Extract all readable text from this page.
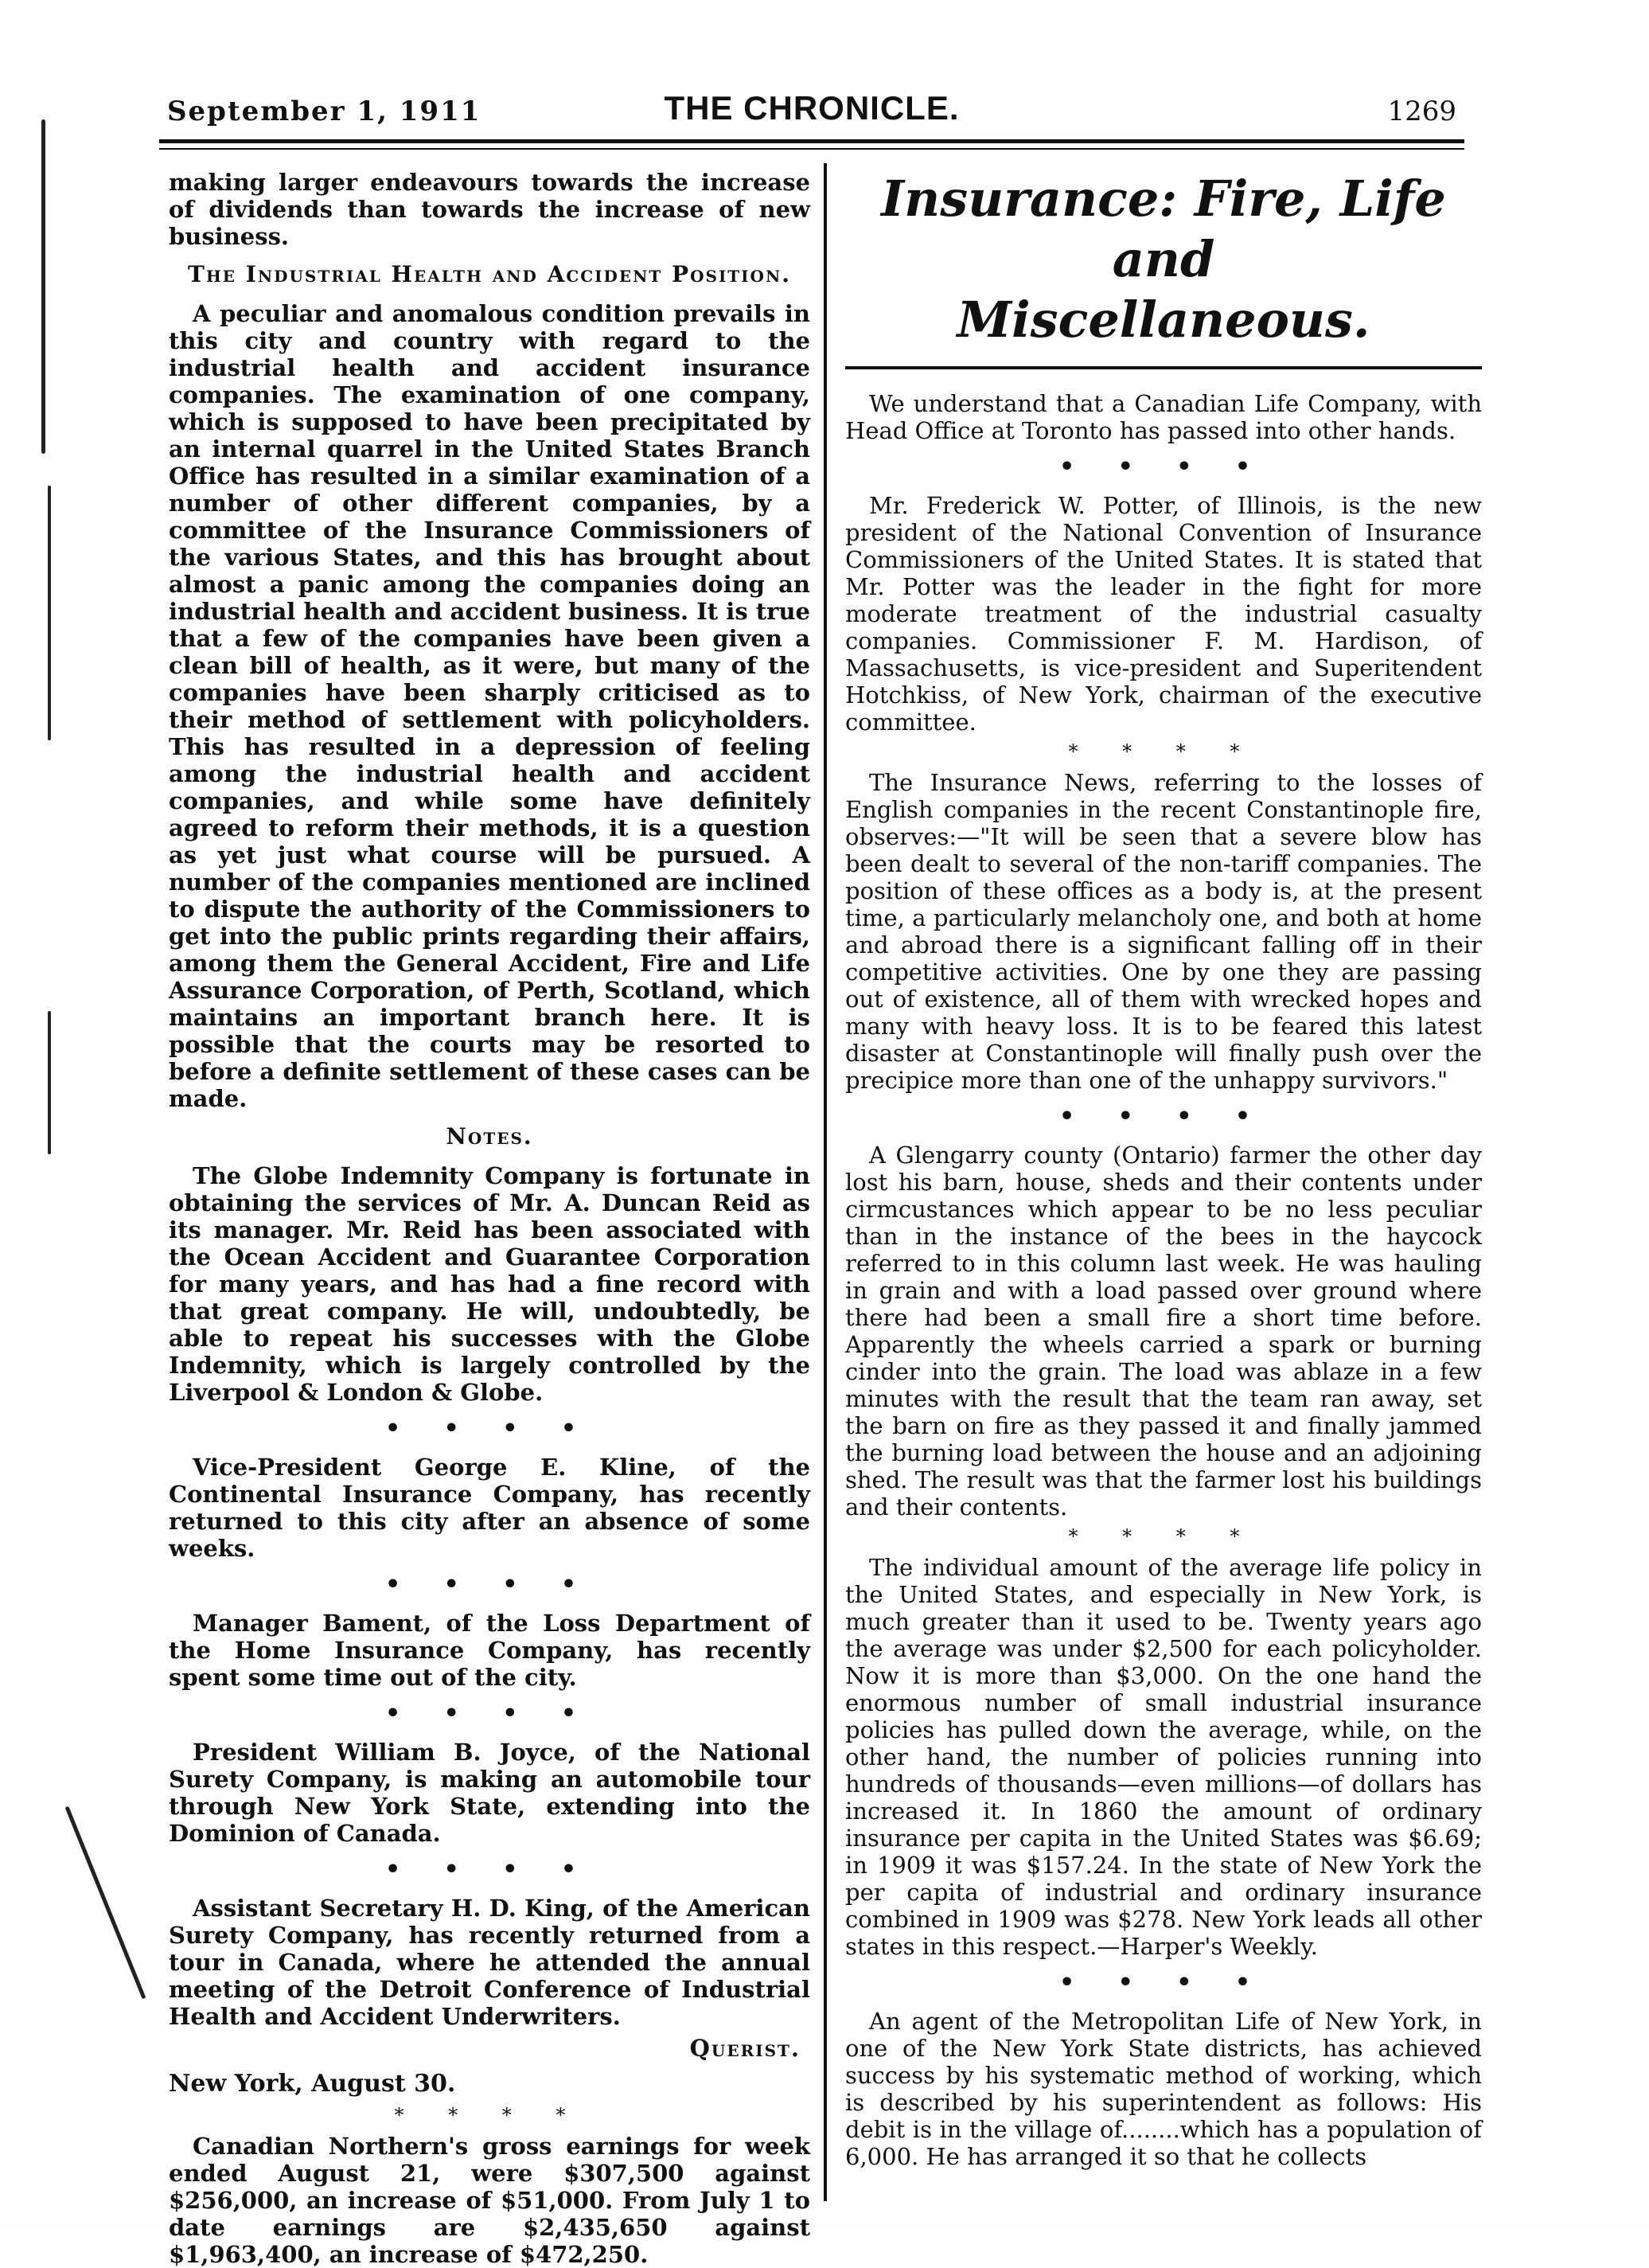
September 1, 1911	THE CHRONICLE.	1269

making larger endeavours towards the increase of dividends than towards the increase of new business.

The Industrial Health and Accident Position.

A peculiar and anomalous condition prevails in this city and country with regard to the industrial health and accident insurance companies. The examination of one company, which is supposed to have been precipitated by an internal quarrel in the United States Branch Office has resulted in a similar examination of a number of other different companies, by a committee of the Insurance Commissioners of the various States, and this has brought about almost a panic among the companies doing an industrial health and accident business. It is true that a few of the companies have been given a clean bill of health, as it were, but many of the companies have been sharply criticised as to their method of settlement with policyholders. This has resulted in a depression of feeling among the industrial health and accident companies, and while some have definitely agreed to reform their methods, it is a question as yet just what course will be pursued. A number of the companies mentioned are inclined to dispute the authority of the Commissioners to get into the public prints regarding their affairs, among them the General Accident, Fire and Life Assurance Corporation, of Perth, Scotland, which maintains an important branch here. It is possible that the courts may be resorted to before a definite settlement of these cases can be made.

Notes.

The Globe Indemnity Company is fortunate in obtaining the services of Mr. A. Duncan Reid as its manager. Mr. Reid has been associated with the Ocean Accident and Guarantee Corporation for many years, and has had a fine record with that great company. He will, undoubtedly, be able to repeat his successes with the Globe Indemnity, which is largely controlled by the Liverpool & London & Globe.

• • • •

Vice-President George E. Kline, of the Continental Insurance Company, has recently returned to this city after an absence of some weeks.

• • • •

Manager Bament, of the Loss Department of the Home Insurance Company, has recently spent some time out of the city.

• • • •

President William B. Joyce, of the National Surety Company, is making an automobile tour through New York State, extending into the Dominion of Canada.

• • • •

Assistant Secretary H. D. King, of the American Surety Company, has recently returned from a tour in Canada, where he attended the annual meeting of the Detroit Conference of Industrial Health and Accident Underwriters.

Querist.
New York, August 30.
* * * *

Canadian Northern's gross earnings for week ended August 21, were $307,500 against $256,000, an increase of $51,000. From July 1 to date earnings are $2,435,650 against $1,963,400, an increase of $472,250.

Insurance: Fire, Life and
Miscellaneous.

We understand that a Canadian Life Company, with Head Office at Toronto has passed into other hands.

• • • •

Mr. Frederick W. Potter, of Illinois, is the new president of the National Convention of Insurance Commissioners of the United States. It is stated that Mr. Potter was the leader in the fight for more moderate treatment of the industrial casualty companies. Commissioner F. M. Hardison, of Massachusetts, is vice-president and Superitendent Hotchkiss, of New York, chairman of the executive committee.

* * * *

The Insurance News, referring to the losses of English companies in the recent Constantinople fire, observes:—"It will be seen that a severe blow has been dealt to several of the non-tariff companies. The position of these offices as a body is, at the present time, a particularly melancholy one, and both at home and abroad there is a significant falling off in their competitive activities. One by one they are passing out of existence, all of them with wrecked hopes and many with heavy loss. It is to be feared this latest disaster at Constantinople will finally push over the precipice more than one of the unhappy survivors."

• • • •

A Glengarry county (Ontario) farmer the other day lost his barn, house, sheds and their contents under cirmcustances which appear to be no less peculiar than in the instance of the bees in the haycock referred to in this column last week. He was hauling in grain and with a load passed over ground where there had been a small fire a short time before. Apparently the wheels carried a spark or burning cinder into the grain. The load was ablaze in a few minutes with the result that the team ran away, set the barn on fire as they passed it and finally jammed the burning load between the house and an adjoining shed. The result was that the farmer lost his buildings and their contents.

* * * *

The individual amount of the average life policy in the United States, and especially in New York, is much greater than it used to be. Twenty years ago the average was under $2,500 for each policyholder. Now it is more than $3,000. On the one hand the enormous number of small industrial insurance policies has pulled down the average, while, on the other hand, the number of policies running into hundreds of thousands—even millions—of dollars has increased it. In 1860 the amount of ordinary insurance per capita in the United States was $6.69; in 1909 it was $157.24. In the state of New York the per capita of industrial and ordinary insurance combined in 1909 was $278. New York leads all other states in this respect.—Harper's Weekly.

• • • •

An agent of the Metropolitan Life of New York, in one of the New York State districts, has achieved success by his systematic method of working, which is described by his superintendent as follows: His debit is in the village of........which has a population of 6,000. He has arranged it so that he collects
